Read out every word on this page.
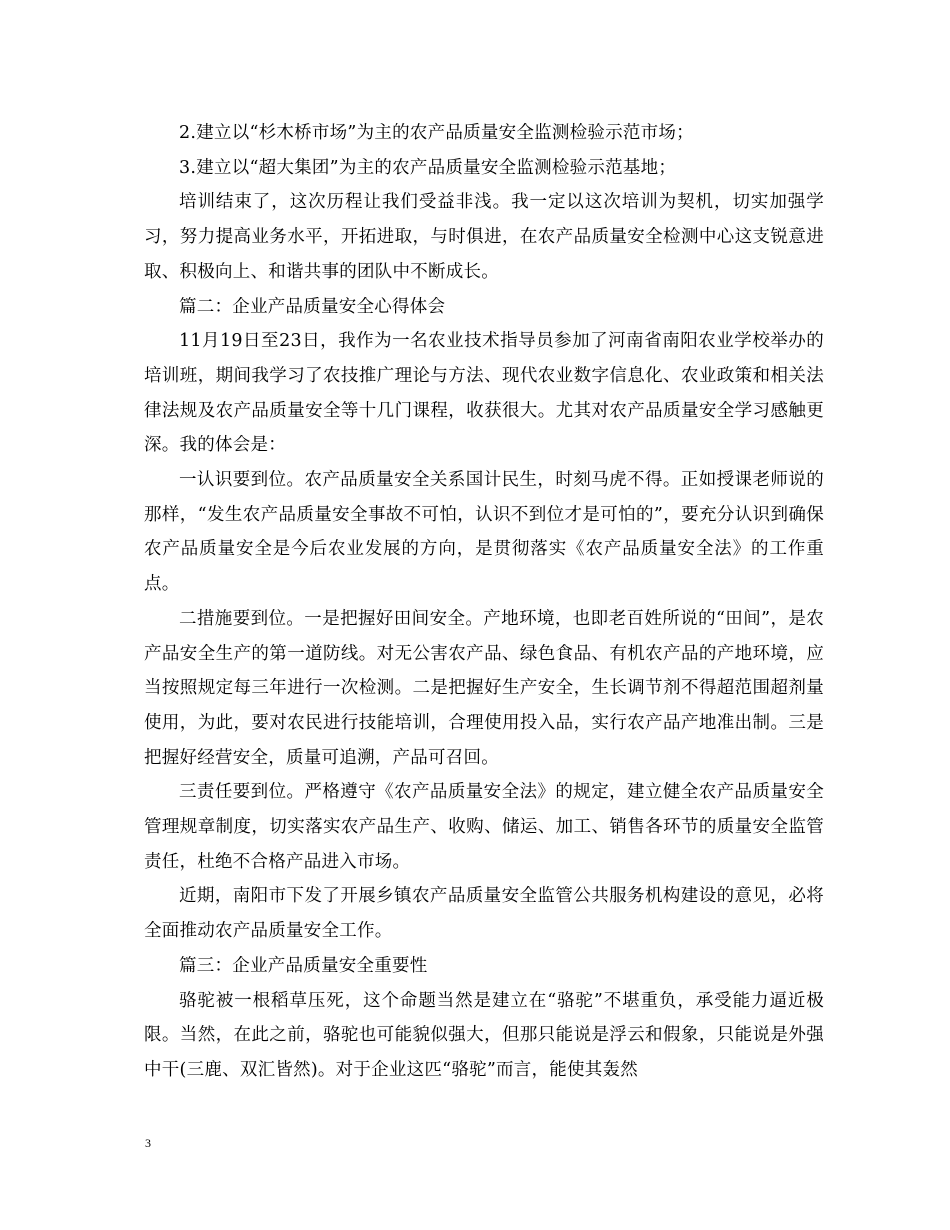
2.建立以“杉木桥市场”为主的农产品质量安全监测检验示范市场；

3.建立以“超大集团”为主的农产品质量安全监测检验示范基地；

培训结束了，这次历程让我们受益非浅。我一定以这次培训为契机，切实加强学习，努力提高业务水平，开拓进取，与时俱进，在农产品质量安全检测中心这支锐意进取、积极向上、和谐共事的团队中不断成长。

篇二：企业产品质量安全心得体会

11月19日至23日，我作为一名农业技术指导员参加了河南省南阳农业学校举办的培训班，期间我学习了农技推广理论与方法、现代农业数字信息化、农业政策和相关法律法规及农产品质量安全等十几门课程，收获很大。尤其对农产品质量安全学习感触更深。我的体会是：

一认识要到位。农产品质量安全关系国计民生，时刻马虎不得。正如授课老师说的那样，“发生农产品质量安全事故不可怕，认识不到位才是可怕的”，要充分认识到确保农产品质量安全是今后农业发展的方向，是贯彻落实《农产品质量安全法》的工作重点。

二措施要到位。一是把握好田间安全。产地环境，也即老百姓所说的“田间”，是农产品安全生产的第一道防线。对无公害农产品、绿色食品、有机农产品的产地环境，应当按照规定每三年进行一次检测。二是把握好生产安全，生长调节剂不得超范围超剂量使用，为此，要对农民进行技能培训，合理使用投入品，实行农产品产地准出制。三是把握好经营安全，质量可追溯，产品可召回。

三责任要到位。严格遵守《农产品质量安全法》的规定，建立健全农产品质量安全管理规章制度，切实落实农产品生产、收购、储运、加工、销售各环节的质量安全监管责任，杜绝不合格产品进入市场。

近期，南阳市下发了开展乡镇农产品质量安全监管公共服务机构建设的意见，必将全面推动农产品质量安全工作。

篇三：企业产品质量安全重要性

骆驼被一根稻草压死，这个命题当然是建立在“骆驼”不堪重负，承受能力逼近极限。当然，在此之前，骆驼也可能貌似强大，但那只能说是浮云和假象，只能说是外强中干(三鹿、双汇皆然)。对于企业这匹“骆驼”而言，能使其轰然

3
